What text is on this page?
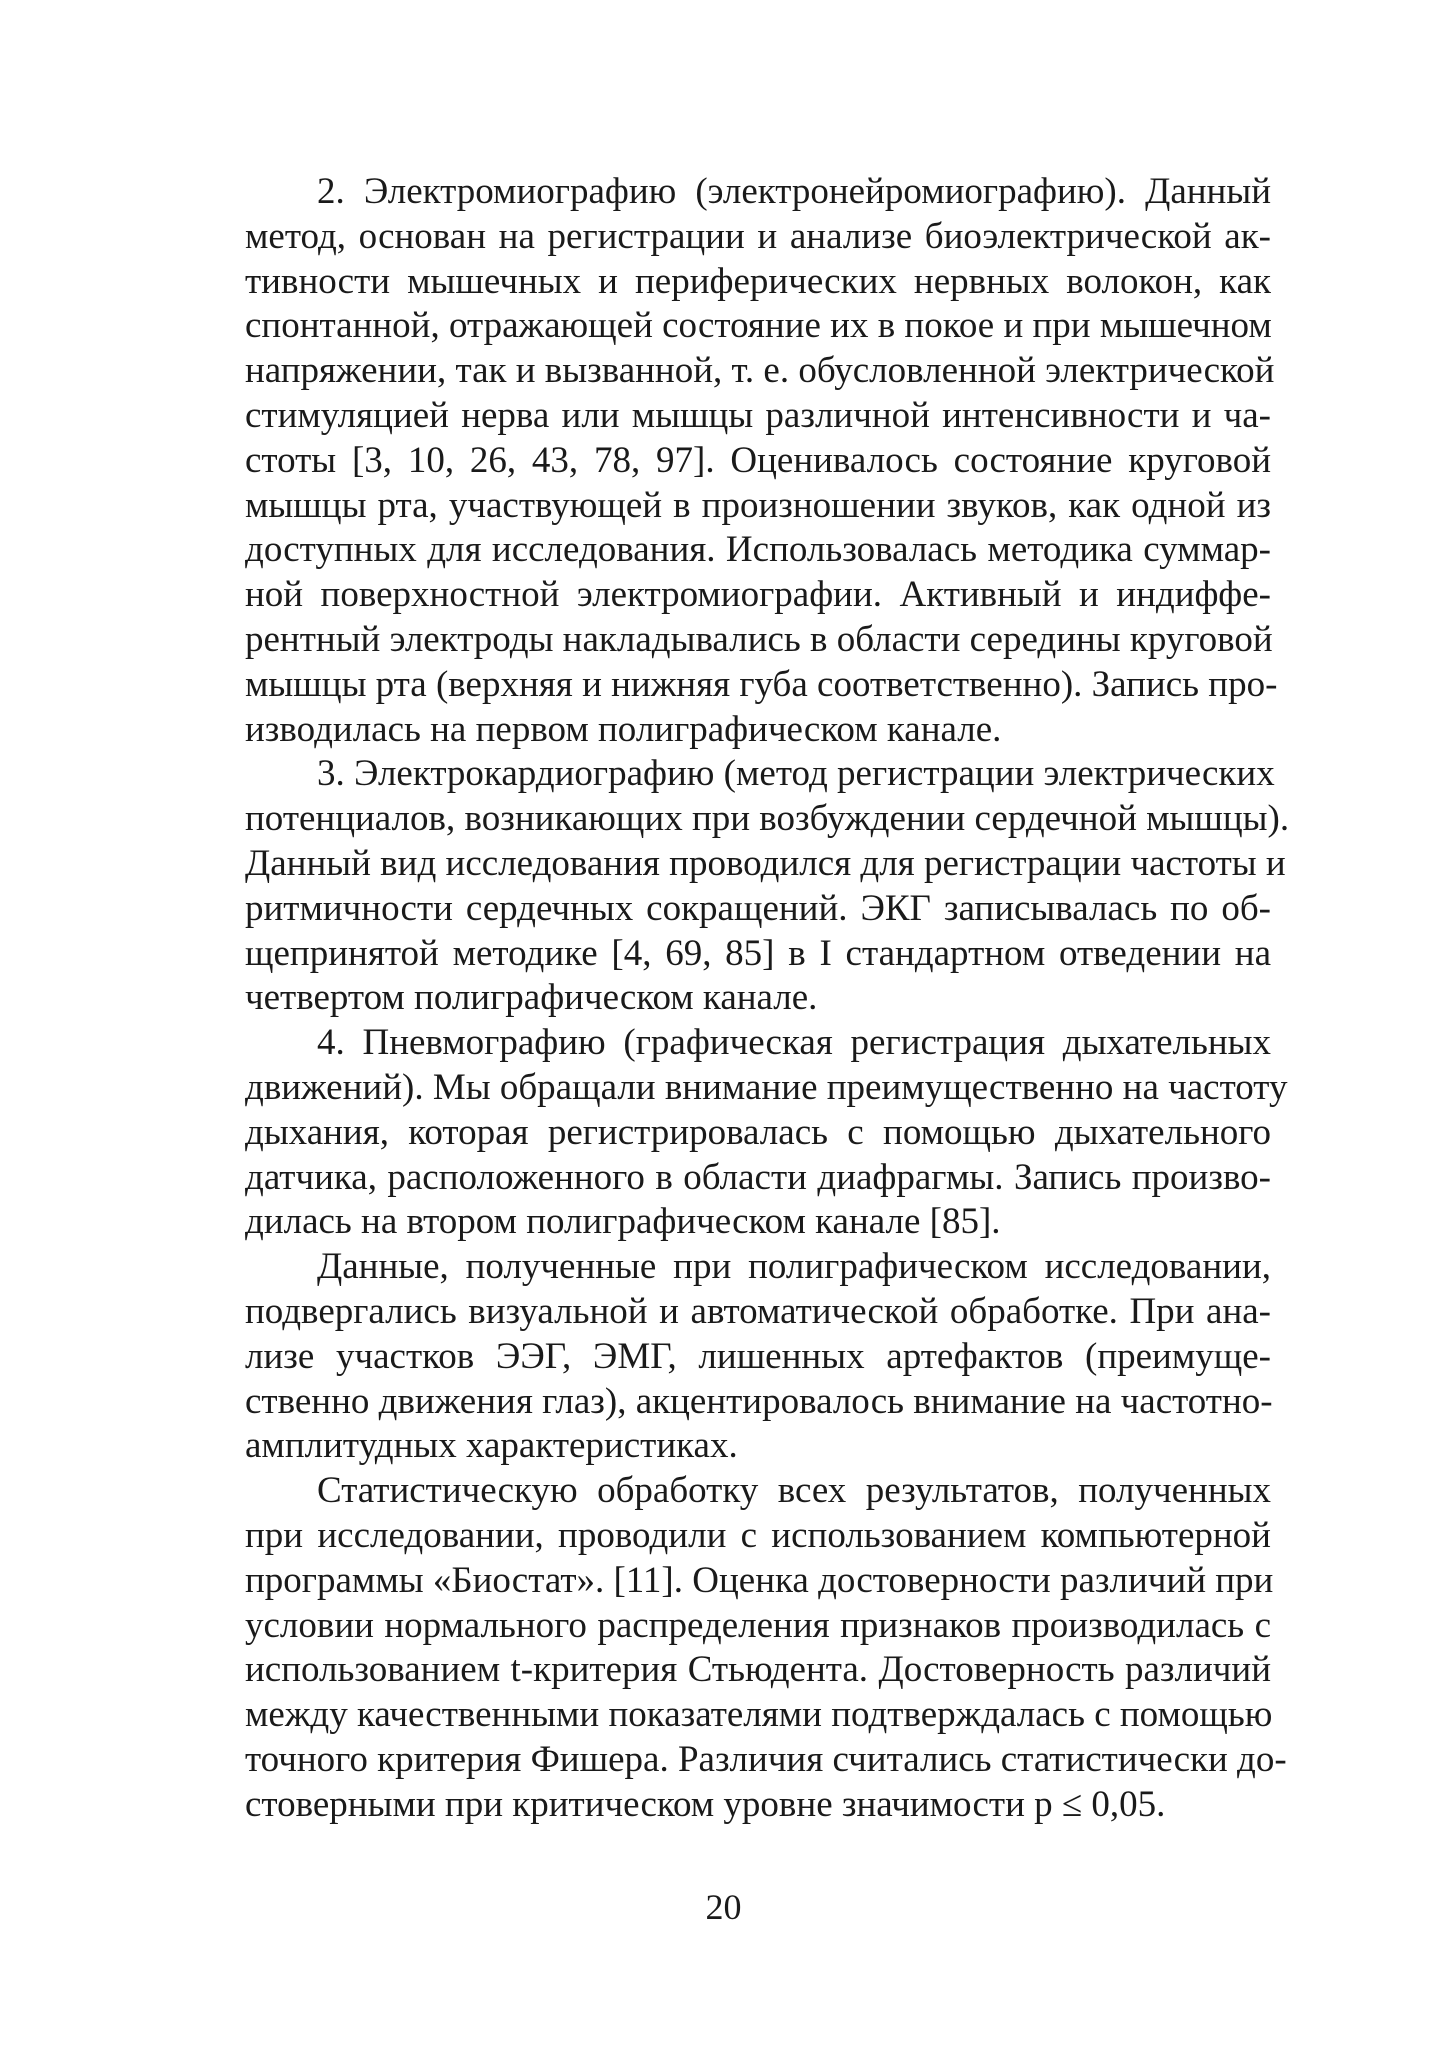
2. Электромиографию (электронейромиографию). Данный
метод, основан на регистрации и анализе биоэлектрической ак-
тивности мышечных и периферических нервных волокон, как
спонтанной, отражающей состояние их в покое и при мышечном
напряжении, так и вызванной, т. е. обусловленной электрической
стимуляцией нерва или мышцы различной интенсивности и ча-
стоты [3, 10, 26, 43, 78, 97]. Оценивалось состояние круговой
мышцы рта, участвующей в произношении звуков, как одной из
доступных для исследования. Использовалась методика суммар-
ной поверхностной электромиографии. Активный и индиффе-
рентный электроды накладывались в области середины круговой
мышцы рта (верхняя и нижняя губа соответственно). Запись про-
изводилась на первом полиграфическом канале.
3. Электрокардиографию (метод регистрации электрических
потенциалов, возникающих при возбуждении сердечной мышцы).
Данный вид исследования проводился для регистрации частоты и
ритмичности сердечных сокращений. ЭКГ записывалась по об-
щепринятой методике [4, 69, 85] в I стандартном отведении на
четвертом полиграфическом канале.
4. Пневмографию (графическая регистрация дыхательных
движений). Мы обращали внимание преимущественно на частоту
дыхания, которая регистрировалась с помощью дыхательного
датчика, расположенного в области диафрагмы. Запись произво-
дилась на втором полиграфическом канале [85].
Данные, полученные при полиграфическом исследовании,
подвергались визуальной и автоматической обработке. При ана-
лизе участков ЭЭГ, ЭМГ, лишенных артефактов (преимуще-
ственно движения глаз), акцентировалось внимание на частотно-
амплитудных характеристиках.
Статистическую обработку всех результатов, полученных
при исследовании, проводили с использованием компьютерной
программы «Биостат». [11]. Оценка достоверности различий при
условии нормального распределения признаков производилась с
использованием t-критерия Стьюдента. Достоверность различий
между качественными показателями подтверждалась с помощью
точного критерия Фишера. Различия считались статистически до-
стоверными при критическом уровне значимости p ≤ 0,05.
20
